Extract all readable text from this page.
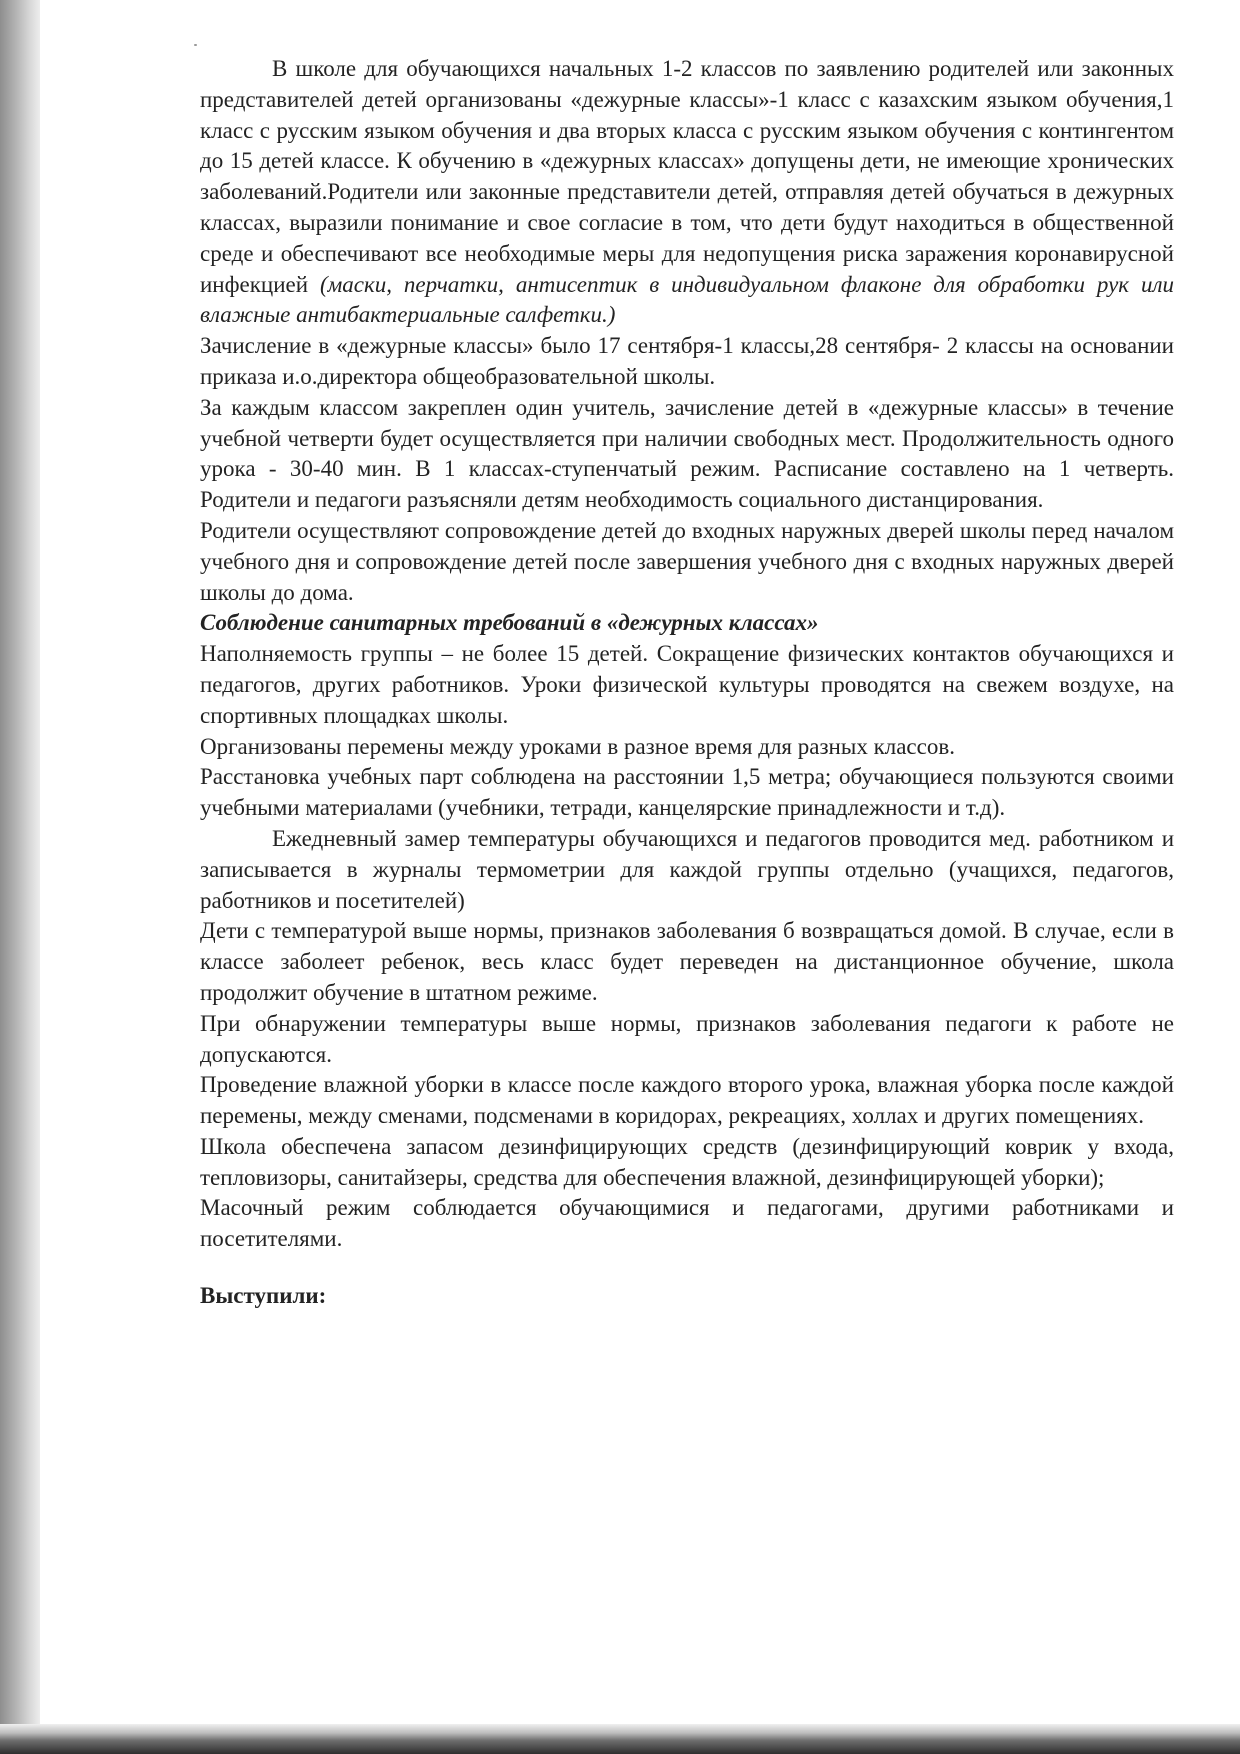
В школе для обучающихся начальных 1-2 классов по заявлению родителей или законных представителей детей организованы «дежурные классы»-1 класс с казахским языком обучения,1 класс с русским языком обучения и два вторых класса с русским языком обучения с контингентом до 15 детей классе. К обучению в «дежурных классах» допущены дети, не имеющие хронических заболеваний.Родители или законные представители детей, отправляя детей обучаться в дежурных классах, выразили понимание и свое согласие в том, что дети будут находиться в общественной среде и обеспечивают все необходимые меры для недопущения риска заражения коронавирусной инфекцией (маски, перчатки, антисептик в индивидуальном флаконе для обработки рук или влажные антибактериальные салфетки.)

Зачисление в «дежурные классы» было 17 сентября-1 классы,28 сентября- 2 классы на основании приказа и.о.директора общеобразовательной школы.

За каждым классом закреплен один учитель, зачисление детей в «дежурные классы» в течение учебной четверти будет осуществляется при наличии свободных мест. Продолжительность одного урока - 30-40 мин. В 1 классах-ступенчатый режим. Расписание составлено на 1 четверть. Родители и педагоги разъясняли детям необходимость социального дистанцирования.

Родители осуществляют сопровождение детей до входных наружных дверей школы перед началом учебного дня и сопровождение детей после завершения учебного дня с входных наружных дверей школы до дома.

Соблюдение санитарных требований в «дежурных классах»

Наполняемость группы – не более 15 детей. Сокращение физических контактов обучающихся и педагогов, других работников. Уроки физической культуры проводятся на свежем воздухе, на спортивных площадках школы.

Организованы перемены между уроками в разное время для разных классов.

Расстановка учебных парт соблюдена на расстоянии 1,5 метра; обучающиеся пользуются своими учебными материалами (учебники, тетради, канцелярские принадлежности и т.д).

Ежедневный замер температуры обучающихся и педагогов проводится мед. работником и записывается в журналы термометрии для каждой группы отдельно (учащихся, педагогов, работников и посетителей)

Дети с температурой выше нормы, признаков заболевания б возвращаться домой. В случае, если в классе заболеет ребенок, весь класс будет переведен на дистанционное обучение, школа продолжит обучение в штатном режиме.

При обнаружении температуры выше нормы, признаков заболевания педагоги к работе не допускаются.

Проведение влажной уборки в классе после каждого второго урока, влажная уборка после каждой перемены, между сменами, подсменами в коридорах, рекреациях, холлах и других помещениях.

Школа обеспечена запасом дезинфицирующих средств (дезинфицирующий коврик у входа, тепловизоры, санитайзеры, средства для обеспечения влажной, дезинфицирующей уборки);

Масочный режим соблюдается обучающимися и педагогами, другими работниками и посетителями.

Выступили:
